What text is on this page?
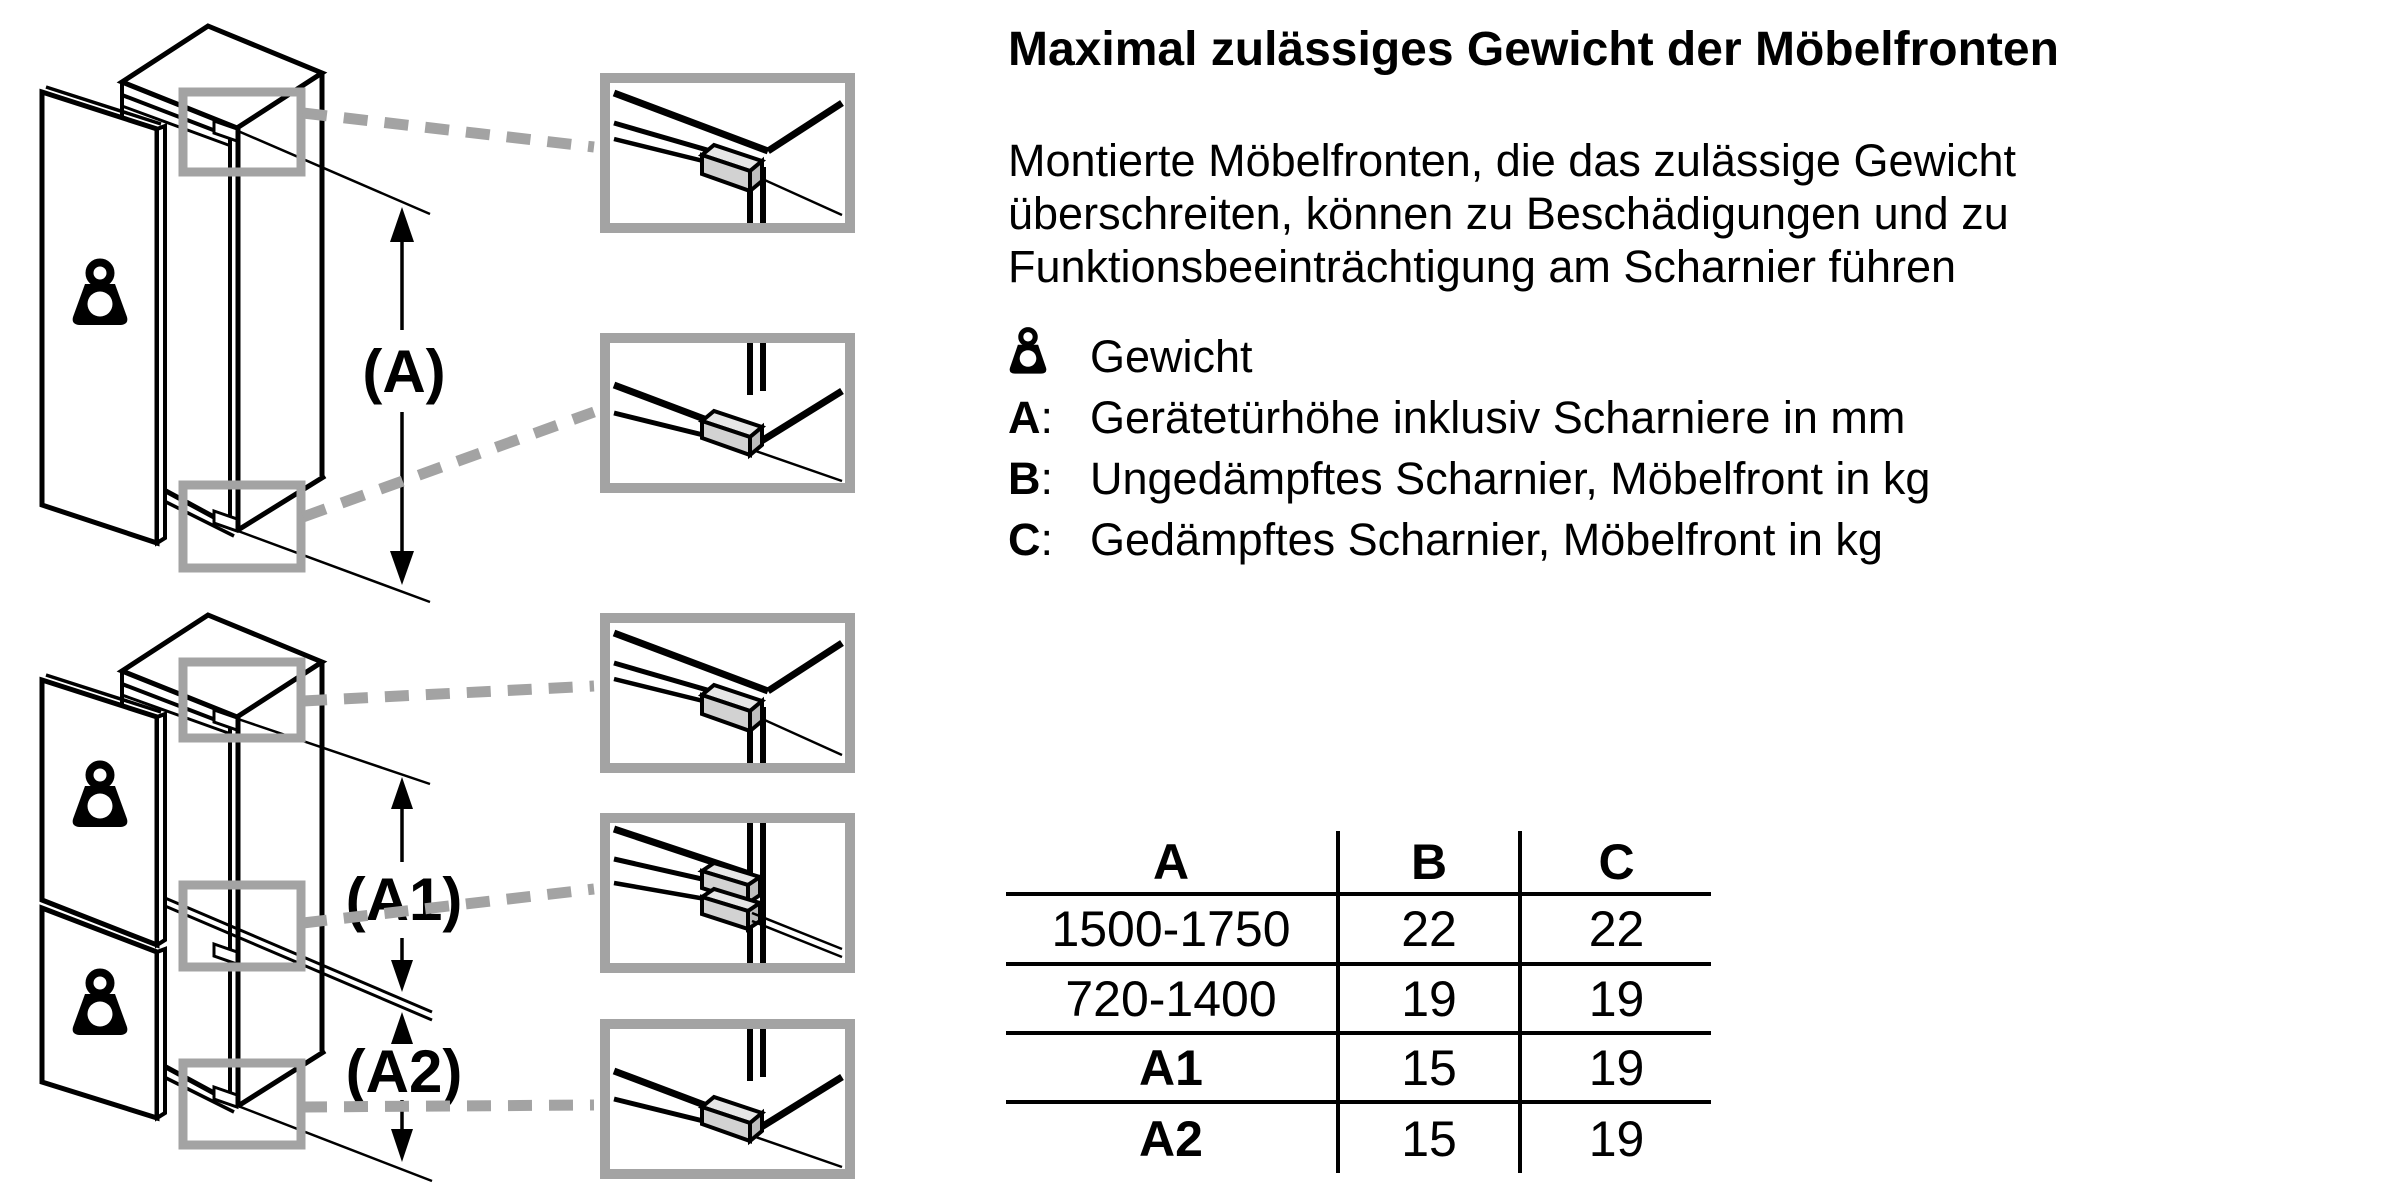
(A)
(A1)
(A2)
Maximal zulässiges Gewicht der Möbelfronten
Montierte Möbelfronten, die das zulässige Gewicht
überschreiten, können zu Beschädigungen und zu
Funktionsbeeinträchtigung am Scharnier führen
Gewicht
A : Gerätetürhöhe inklusiv Scharniere in mm
B : Ungedämpftes Scharnier, Möbelfront in kg
C : Gedämpftes Scharnier, Möbelfront in kg
A	B	C
1500-1750	22	22
720-1400	19	19
A1	15	19
A2	15	19
